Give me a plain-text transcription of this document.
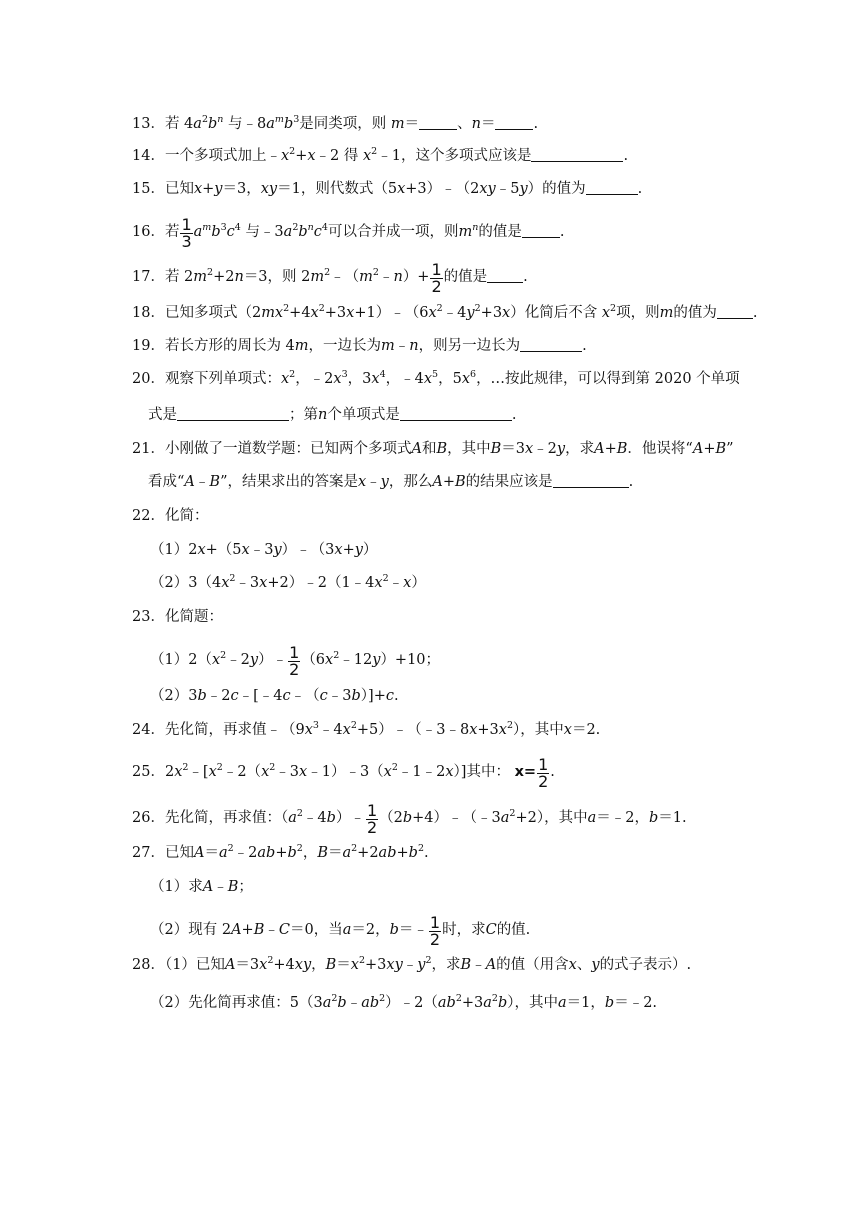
13．若 $4a^2b^n$ 与$﹣8a^mb^3$是同类项，则 m＝	、n＝	.
14．一个多项式加上$﹣x^2+x﹣2$ 得 $x^2﹣1$，这个多项式应该是	.
15．已知x+y＝3，xy＝1，则代数式（5x+3）﹣（2xy﹣5y）的值为	.
16．若 $\frac{1}{3} a^mb^3c^4$ 与$﹣3a^2b^nc^4$可以合并成一项，则$m^n$的值是	.
17．若 $2m^2+2n=3$，则 $2m^2﹣(m^2﹣n)+ \frac{1}{2}$ 的值是 .
18．已知多项式$(2mx^2+4x^2+3x+1)﹣(6x^2﹣4y^2+3x)$化简后不含 $x^2$项，则m的值为 .
19．若长方形的周长为 4m，一边长为m﹣n，则另一边长为	.
20．观察下列单项式：$x^2$，$﹣2x^3$，$3x^4$，$﹣4x^5$，$5x^6$，…按此规律，可以得到第 2020 个单项
式是	；第n个单项式是	.
21．小刚做了一道数学题：已知两个多项式A和B，其中B＝3x﹣2y，求A+B．他误将“A+B”
看成“A﹣B”，结果求出的答案是x﹣y，那么A+B的结果应该是	.
22．化简：
（1）2x+（5x﹣3y）﹣（3x+y）
$(2)3(4x^2﹣3x+2)﹣2(1﹣4x^2﹣x)$
23．化简题：
$(1)2(x^2﹣2y)﹣ \frac{1}{2}$ $(6x^2﹣12y)+10$；
（2）3b﹣2c﹣[﹣4c﹣（c﹣3b）]+c.
24．先化简，再求值$﹣(9x^3﹣4x^2+5)﹣(﹣3﹣8x+3x^2)$，其中x＝2.
25．$2x^2﹣[x^2﹣2(x^2﹣3x﹣1)﹣3(x^2﹣1﹣2x)]$其中： $x= \frac{1}{2}$ .
26．先化简，再求值：$(a^2﹣4b)﹣ \frac{1}{2}$ $(2b+4)﹣(﹣3a^2+2)$，其中a＝﹣2，b＝1.
27．已知$A=a^2﹣2ab+b^2$，$B=a^2+2ab+b^2$.
（1）求A﹣B；
（2）现有 2A+B﹣C＝0，当a＝2，b＝﹣ $\frac{1}{2}$ 时，求C的值.
28．（1）已知$A=3x^2+4xy$，$B=x^2+3xy﹣y^2$，求B﹣A的值（用含x、y的式子表示）.
（2）先化简再求值：$5(3a^2b﹣ab^2)﹣2(ab^2+3a^2b)$，其中a＝1，b＝﹣2.
